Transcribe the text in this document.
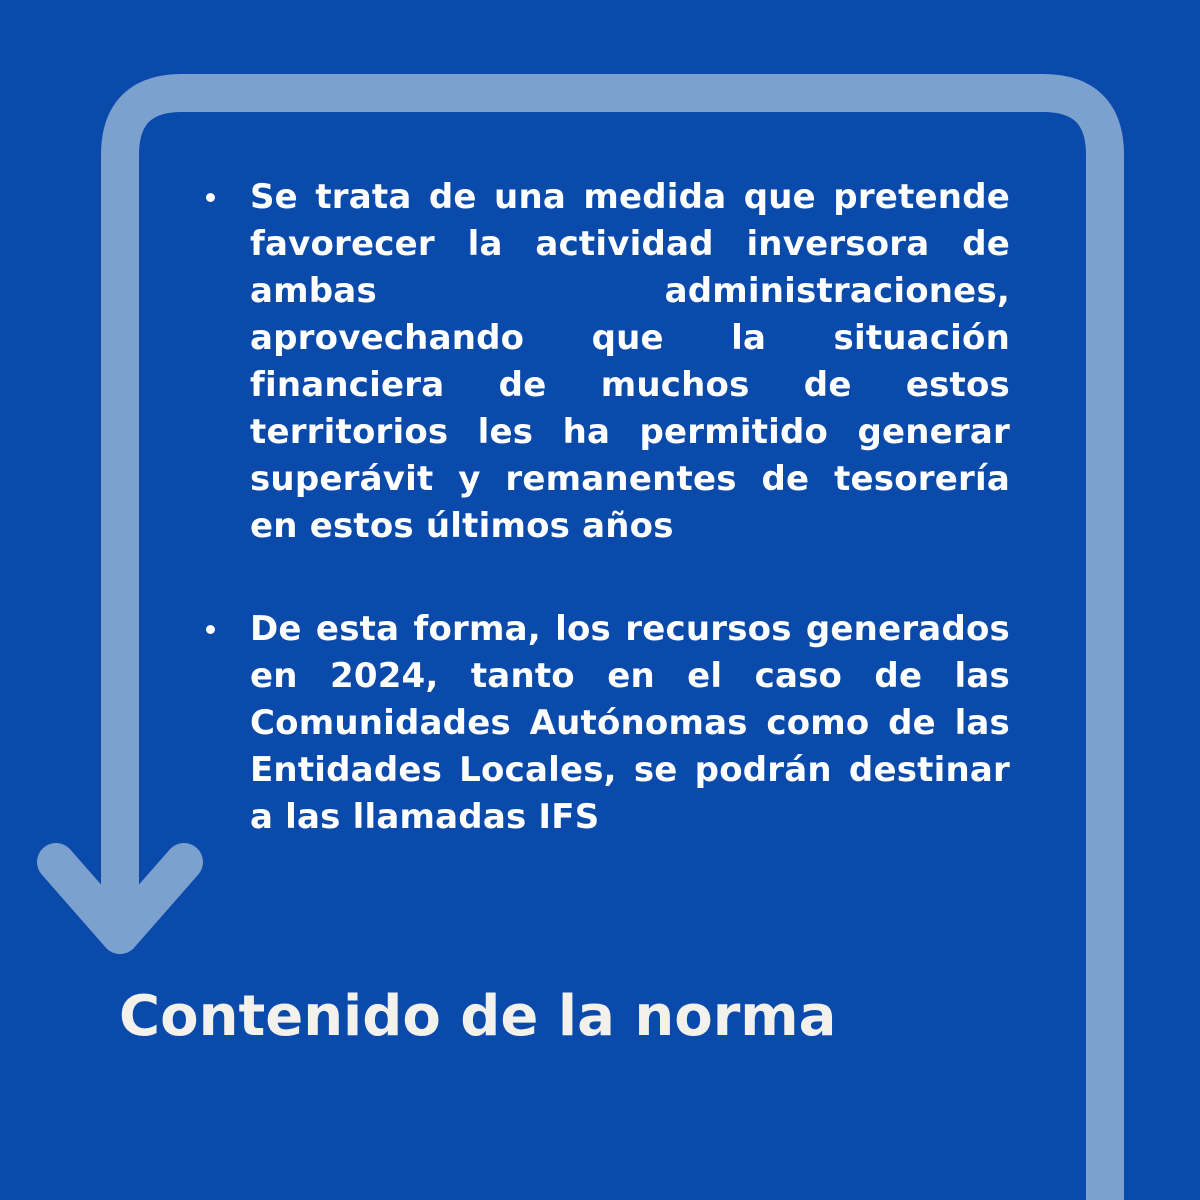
Se trata de una medida que pretende favorecer la actividad inversora de ambas administraciones, aprovechando que la situación financiera de muchos de estos territorios les ha permitido generar superávit y remanentes de tesorería en estos últimos años
De esta forma, los recursos generados en 2024, tanto en el caso de las Comunidades Autónomas como de las Entidades Locales, se podrán destinar a las llamadas IFS
Contenido de la norma
